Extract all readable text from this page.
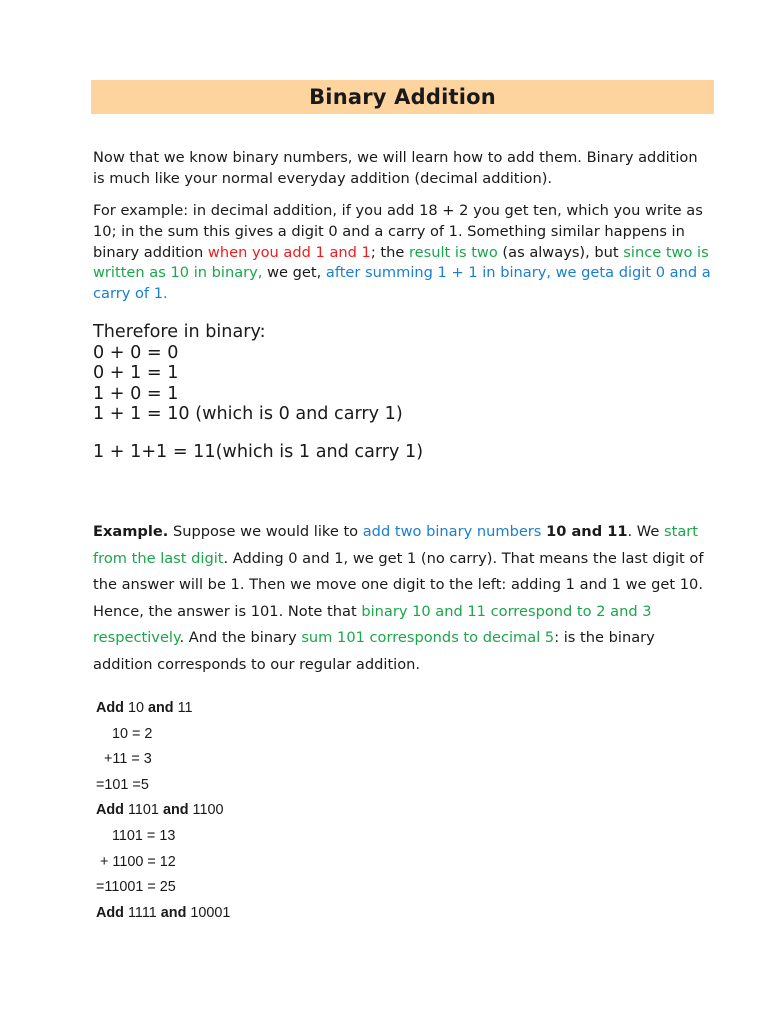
Binary Addition

Now that we know binary numbers, we will learn how to add them. Binary addition is much like your normal everyday addition (decimal addition).

For example: in decimal addition, if you add 18 + 2 you get ten, which you write as 10; in the sum this gives a digit 0 and a carry of 1. Something similar happens in binary addition when you add 1 and 1; the result is two (as always), but since two is written as 10 in binary, we get, after summing 1 + 1 in binary, we geta digit 0 and a carry of 1.

Therefore in binary:
0 + 0 = 0
0 + 1 = 1
1 + 0 = 1
1 + 1 = 10 (which is 0 and carry 1)
1 + 1+1 = 11(which is 1 and carry 1)

Example. Suppose we would like to add two binary numbers 10 and 11. We start from the last digit. Adding 0 and 1, we get 1 (no carry). That means the last digit of the answer will be 1. Then we move one digit to the left: adding 1 and 1 we get 10. Hence, the answer is 101. Note that binary 10 and 11 correspond to 2 and 3 respectively. And the binary sum 101 corresponds to decimal 5: is the binary addition corresponds to our regular addition.

Add 10 and 11
10 = 2
+11 = 3
=101 =5
Add 1101 and 1100
1101 = 13
+ 1100 = 12
=11001 = 25
Add 1111 and 10001
